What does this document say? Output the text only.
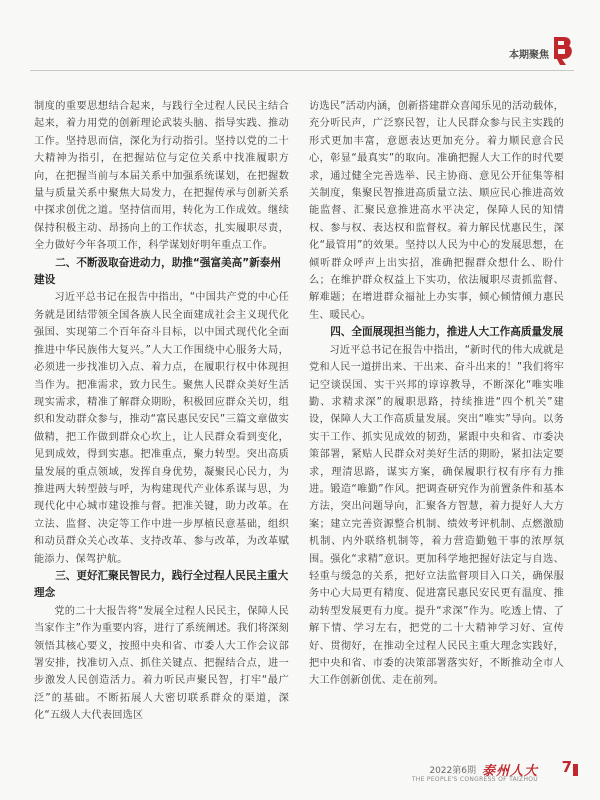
本期聚焦

制度的重要思想结合起来，与践行全过程人民民主结合起来，着力用党的创新理论武装头脑、指导实践、推动工作。坚持思而信，深化为行动指引。坚持以党的二十大精神为指引，在把握站位与定位关系中找准履职方向，在把握当前与本届关系中加强系统谋划，在把握数量与质量关系中聚焦大局发力，在把握传承与创新关系中探求创优之道。坚持信而用，转化为工作成效。继续保持积极主动、昂扬向上的工作状态，扎实履职尽责，全力做好今年各项工作，科学谋划好明年重点工作。

二、不断汲取奋进动力，助推“强富美高”新泰州建设

习近平总书记在报告中指出，“中国共产党的中心任务就是团结带领全国各族人民全面建成社会主义现代化强国、实现第二个百年奋斗目标，以中国式现代化全面推进中华民族伟大复兴。”人大工作围绕中心服务大局，必须进一步找准切入点、着力点，在履职行权中体现担当作为。把准需求，致力民生。聚焦人民群众美好生活现实需求，精准了解群众期盼，积极回应群众关切，组织和发动群众参与，推动“富民惠民安民”三篇文章做实做精，把工作做到群众心坎上，让人民群众看到变化，见到成效，得到实惠。把准重点，聚力转型。突出高质量发展的重点领域，发挥自身优势，凝聚民心民力，为推进两大转型鼓与呼，为构建现代产业体系谋与思，为现代化中心城市建设推与督。把准关键，助力改革。在立法、监督、决定等工作中进一步厚植民意基础，组织和动员群众关心改革、支持改革、参与改革，为改革赋能添力、保驾护航。

三、更好汇聚民智民力，践行全过程人民民主重大理念

党的二十大报告将“发展全过程人民民主，保障人民当家作主”作为重要内容，进行了系统阐述。我们将深刻领悟其核心要义，按照中央和省、市委人大工作会议部署安排，找准切入点、抓住关键点、把握结合点，进一步激发人民创造活力。着力听民声聚民智，打牢“最广泛”的基础。不断拓展人大密切联系群众的渠道，深化“五级人大代表回选区

访选民”活动内涵，创新搭建群众喜闻乐见的活动载体，充分听民声，广泛察民智，让人民群众参与民主实践的形式更加丰富，意愿表达更加充分。着力顺民意合民心，彰显“最真实”的取向。准确把握人大工作的时代要求，通过健全完善选举、民主协商、意见公开征集等相关制度，集聚民智推进高质量立法、顺应民心推进高效能监督、汇聚民意推进高水平决定，保障人民的知情权、参与权、表达权和监督权。着力解民忧惠民生，深化“最管用”的效果。坚持以人民为中心的发展思想，在倾听群众呼声上出实招，准确把握群众想什么、盼什么；在维护群众权益上下实功，依法履职尽责抓监督、解难题；在增进群众福祉上办实事，倾心倾情倾力惠民生、暖民心。

四、全面展现担当能力，推进人大工作高质量发展

习近平总书记在报告中指出，“新时代的伟大成就是党和人民一道拼出来、干出来、奋斗出来的！”我们将牢记空谈误国、实干兴邦的谆谆教导，不断深化“唯实唯勤、求精求深”的履职思路，持续推进“四个机关”建设，保障人大工作高质量发展。突出“唯实”导向。以务实干工作、抓实见成效的韧劲，紧跟中央和省、市委决策部署，紧贴人民群众对美好生活的期盼，紧扣法定要求，理清思路，谋实方案，确保履职行权有序有力推进。锻造“唯勤”作风。把调查研究作为前置条件和基本方法，突出问题导向，汇聚各方智慧，着力提好人大方案；建立完善资源整合机制、绩效考评机制、点燃激励机制、内外联络机制等，着力营造勤勉干事的浓厚氛围。强化“求精”意识。更加科学地把握好法定与自选、轻重与缓急的关系，把好立法监督项目入口关，确保服务中心大局更有精度、促进富民惠民安民更有温度、推动转型发展更有力度。提升“求深”作为。吃透上情、了解下情、学习左右，把党的二十大精神学习好、宣传好、贯彻好，在推动全过程人民民主重大理念实践好，把中央和省、市委的决策部署落实好，不断推动全市人大工作创新创优、走在前列。

2022第6期 泰州人大
THE PEOPLE'S CONGRESS OF TAIZHOU
7
